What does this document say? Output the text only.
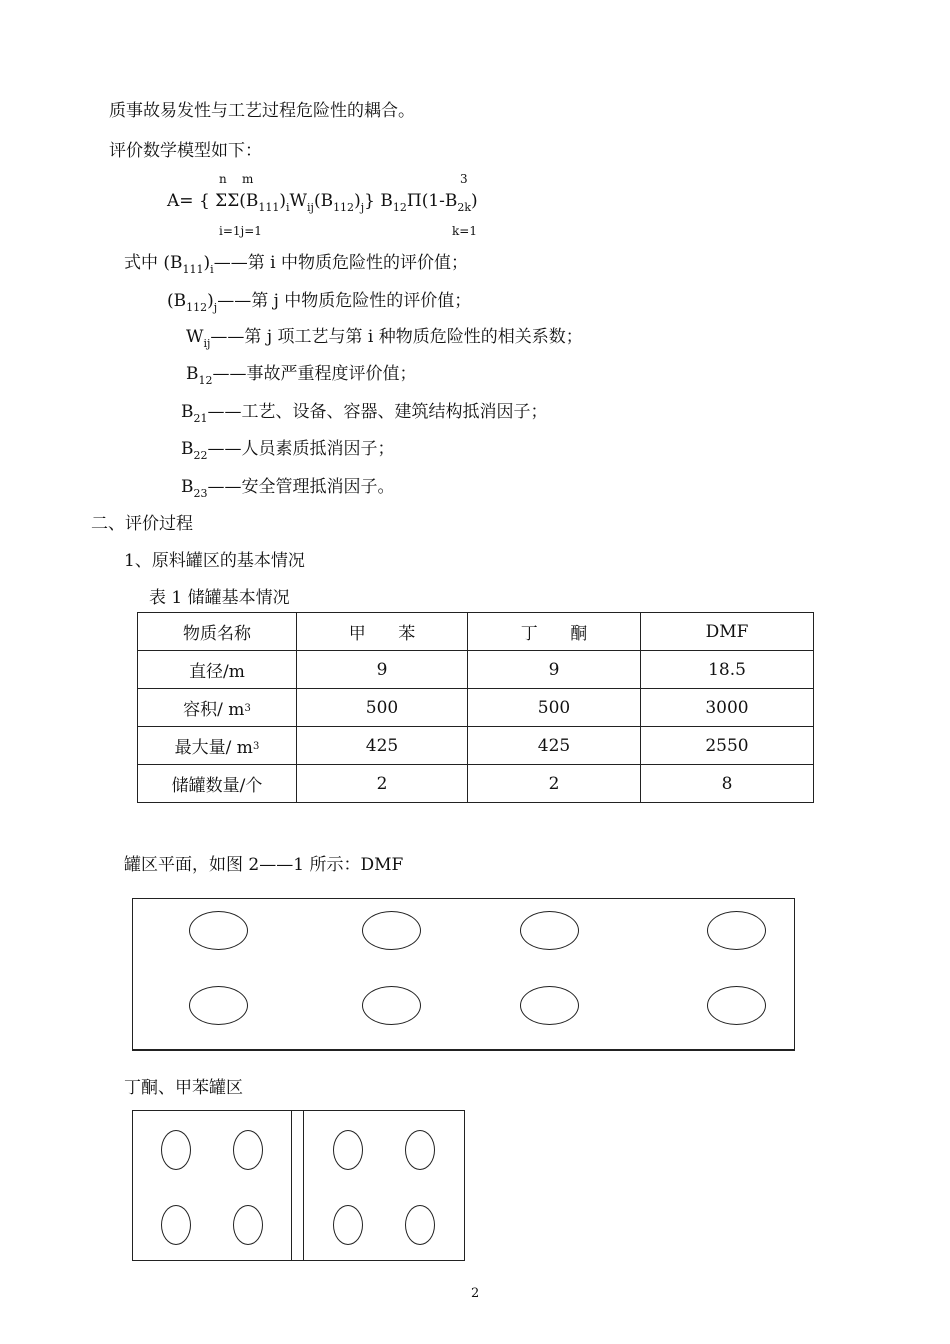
质事故易发性与工艺过程危险性的耦合。
评价数学模型如下：
n m	3
A= { $\Sigma\Sigma(B_{111})_iW_{ij}(B_{112})_j$} $B_{12}\Pi(1-B_{2k})$
i=1j=1	k=1
式中 $(B_{111})_i——$第 i 中物质危险性的评价值；
$(B_{112})_j——$第 j 中物质危险性的评价值；
$W_{ij}——$第 j 项工艺与第 i 种物质危险性的相关系数；
$B_{12}——$事故严重程度评价值；
$B_{21}——$工艺、设备、容器、建筑结构抵消因子；
$B_{22}——$人员素质抵消因子；
$B_{23}——$安全管理抵消因子。
二、评价过程
1、原料罐区的基本情况
表 1 储罐基本情况
物质名称	甲      苯	丁      酮	DMF
直径/m	9	9	18.5
容积/ $m^3$	500	500	3000
最大量/ $m^3$	425	425	2550
储罐数量/个	2	2	8
罐区平面，如图 2——1 所示：DMF
丁酮、甲苯罐区
2
